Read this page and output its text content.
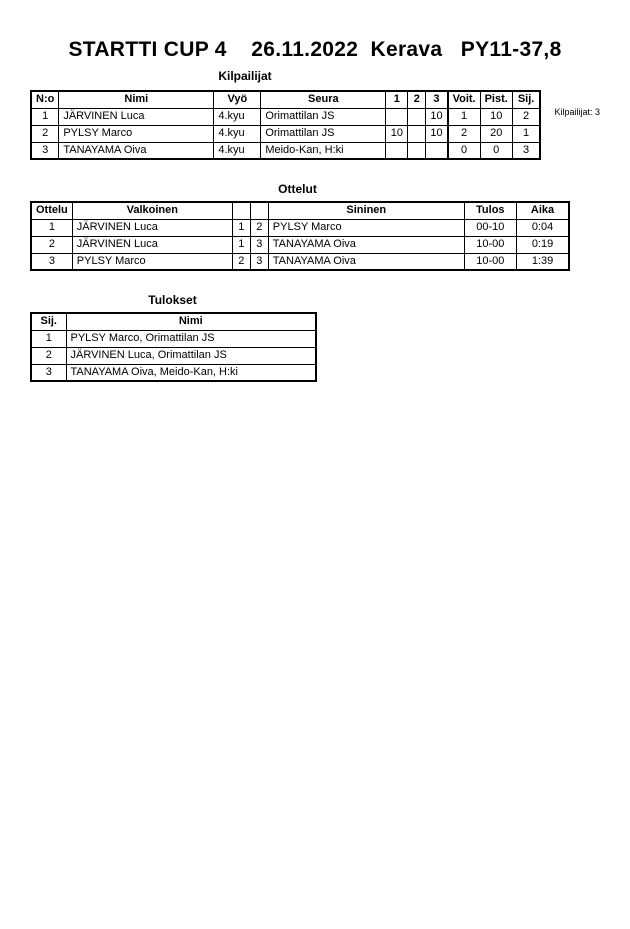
STARTTI CUP 4    26.11.2022  Kerava   PY11-37,8
Kilpailijat: 3
Kilpailijat
N:o	Nimi	Vyö	Seura	1	2	3	Voit.	Pist.	Sij.
1	JÄRVINEN Luca	4.kyu	Orimattilan JS			10	1	10	2
2	PYLSY Marco	4.kyu	Orimattilan JS	10		10	2	20	1
3	TANAYAMA Oiva	4.kyu	Meido-Kan, H:ki				0	0	3
Ottelut
Ottelu	Valkoinen			Sininen	Tulos	Aika
1	JÄRVINEN Luca	1	2	PYLSY Marco	00-10	0:04
2	JÄRVINEN Luca	1	3	TANAYAMA Oiva	10-00	0:19
3	PYLSY Marco	2	3	TANAYAMA Oiva	10-00	1:39
Tulokset
Sij.	Nimi
1	PYLSY Marco, Orimattilan JS
2	JÄRVINEN Luca, Orimattilan JS
3	TANAYAMA Oiva, Meido-Kan, H:ki
